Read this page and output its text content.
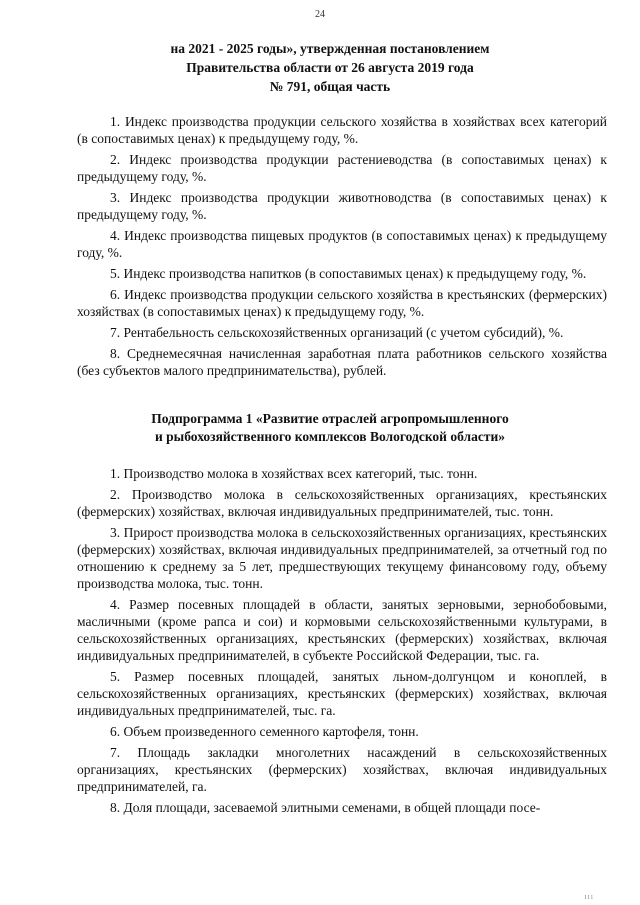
24
на 2021 - 2025 годы», утвержденная постановлением
Правительства области от 26 августа 2019 года
№ 791, общая часть

1. Индекс производства продукции сельского хозяйства в хозяйствах всех категорий (в сопоставимых ценах) к предыдущему году, %.

2. Индекс производства продукции растениеводства (в сопоставимых ценах) к предыдущему году, %.

3. Индекс производства продукции животноводства (в сопоставимых ценах) к предыдущему году, %.

4. Индекс производства пищевых продуктов (в сопоставимых ценах) к предыдущему году, %.

5. Индекс производства напитков (в сопоставимых ценах) к предыдущему году, %.

6. Индекс производства продукции сельского хозяйства в крестьянских (фермерских) хозяйствах (в сопоставимых ценах) к предыдущему году, %.

7. Рентабельность сельскохозяйственных организаций (с учетом субсидий), %.

8. Среднемесячная начисленная заработная плата работников сельского хозяйства (без субъектов малого предпринимательства), рублей.

Подпрограмма 1 «Развитие отраслей агропромышленного
и рыбохозяйственного комплексов Вологодской области»

1. Производство молока в хозяйствах всех категорий, тыс. тонн.

2. Производство молока в сельскохозяйственных организациях, крестьянских (фермерских) хозяйствах, включая индивидуальных предпринимателей, тыс. тонн.

3. Прирост производства молока в сельскохозяйственных организациях, крестьянских (фермерских) хозяйствах, включая индивидуальных предпринимателей, за отчетный год по отношению к среднему за 5 лет, предшествующих текущему финансовому году, объему производства молока, тыс. тонн.

4. Размер посевных площадей в области, занятых зерновыми, зернобобовыми, масличными (кроме рапса и сои) и кормовыми сельскохозяйственными культурами, в сельскохозяйственных организациях, крестьянских (фермерских) хозяйствах, включая индивидуальных предпринимателей, в субъекте Российской Федерации, тыс. га.

5. Размер посевных площадей, занятых льном-долгунцом и коноплей, в сельскохозяйственных организациях, крестьянских (фермерских) хозяйствах, включая индивидуальных предпринимателей, тыс. га.

6. Объем произведенного семенного картофеля, тонн.

7. Площадь закладки многолетних насаждений в сельскохозяйственных организациях, крестьянских (фермерских) хозяйствах, включая индивидуальных предпринимателей, га.

8. Доля площади, засеваемой элитными семенами, в общей площади посе-

ııı
